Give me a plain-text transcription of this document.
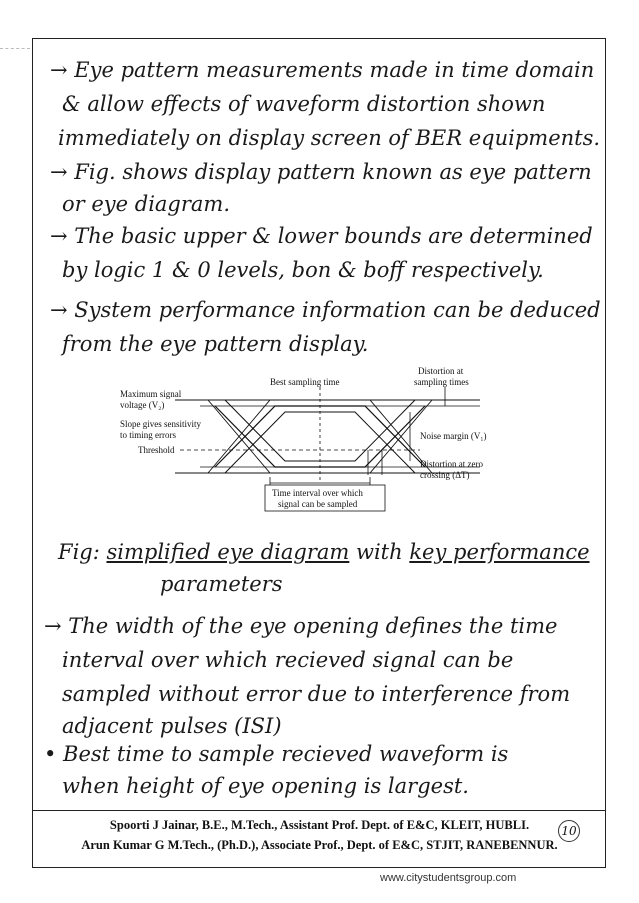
→ Eye pattern measurements made in time domain
& allow effects of waveform distortion shown
immediately on display screen of BER equipments.
→ Fig. shows display pattern known as eye pattern
or eye diagram.
→ The basic upper & lower bounds are determined
by logic 1 & 0 levels, bon & boff respectively.
→ System performance information can be deduced
from the eye pattern display.
Maximum signal
voltage (V₂)
Best sampling time
Distortion at
sampling times
Slope gives sensitivity
to timing errors
Threshold
Noise margin (V₁)
Distortion at zero
crossing (ΔT)
Time interval over which
signal can be sampled
Fig: simplified eye diagram with key performance
parameters
→ The width of the eye opening defines the time
interval over which recieved signal can be
sampled without error due to interference from
adjacent pulses (ISI)
• Best time to sample recieved waveform is
when height of eye opening is largest.
Spoorti J Jainar, B.E., M.Tech., Assistant Prof. Dept. of E&C, KLEIT, HUBLI.
Arun Kumar G M.Tech., (Ph.D.), Associate Prof., Dept. of E&C, STJIT, RANEBENNUR.
10
www.citystudentsgroup.com
